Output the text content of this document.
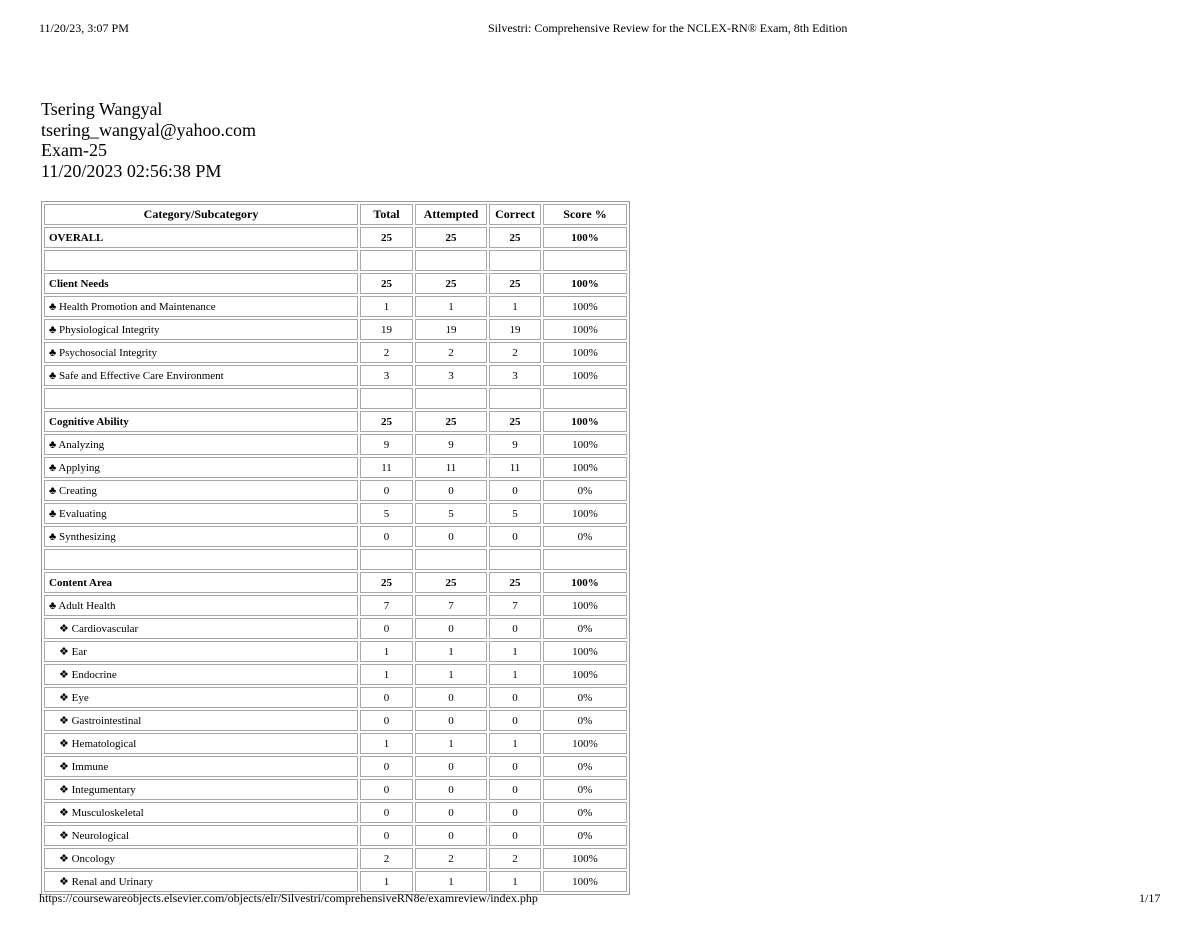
11/20/23, 3:07 PM	Silvestri: Comprehensive Review for the NCLEX-RN® Exam, 8th Edition
Tsering Wangyal
tsering_wangyal@yahoo.com
Exam-25
11/20/2023 02:56:38 PM
Category/Subcategory	Total	Attempted	Correct	Score %
OVERALL	25	25	25	100%

Client Needs	25	25	25	100%
♣ Health Promotion and Maintenance	1	1	1	100%
♣ Physiological Integrity	19	19	19	100%
♣ Psychosocial Integrity	2	2	2	100%
♣ Safe and Effective Care Environment	3	3	3	100%

Cognitive Ability	25	25	25	100%
♣ Analyzing	9	9	9	100%
♣ Applying	11	11	11	100%
♣ Creating	0	0	0	0%
♣ Evaluating	5	5	5	100%
♣ Synthesizing	0	0	0	0%

Content Area	25	25	25	100%
♣ Adult Health	7	7	7	100%
❖ Cardiovascular	0	0	0	0%
❖ Ear	1	1	1	100%
❖ Endocrine	1	1	1	100%
❖ Eye	0	0	0	0%
❖ Gastrointestinal	0	0	0	0%
❖ Hematological	1	1	1	100%
❖ Immune	0	0	0	0%
❖ Integumentary	0	0	0	0%
❖ Musculoskeletal	0	0	0	0%
❖ Neurological	0	0	0	0%
❖ Oncology	2	2	2	100%
❖ Renal and Urinary	1	1	1	100%
https://coursewareobjects.elsevier.com/objects/elr/Silvestri/comprehensiveRN8e/examreview/index.php	1/17
